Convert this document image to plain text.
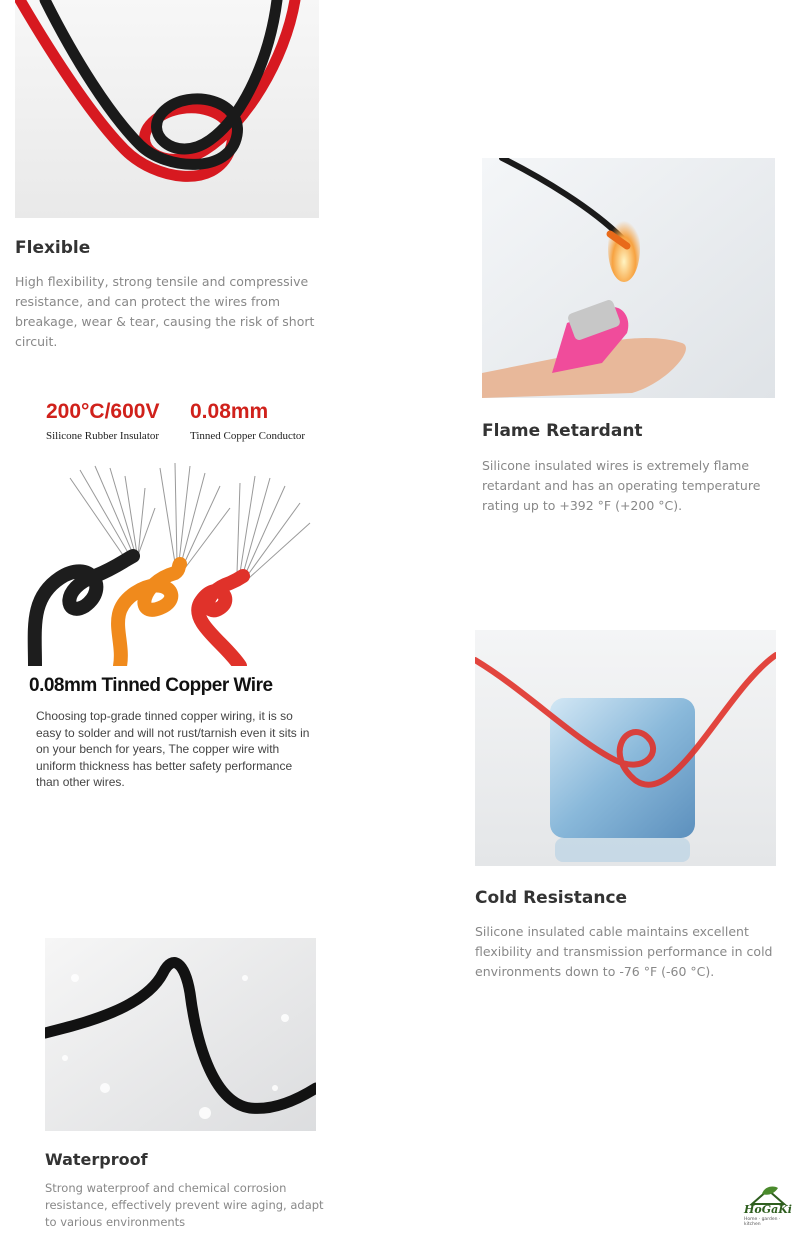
Flexible

High flexibility, strong tensile and compressive resistance, and can protect the wires from breakage, wear & tear, causing the risk of short circuit.

Flame Retardant

Silicone insulated wires is extremely flame retardant and has an operating temperature rating up to +392 °F (+200 °C).

200°C/600V
Silicone Rubber Insulator
0.08mm
Tinned Copper Conductor
0.08mm Tinned Copper Wire

Choosing top-grade tinned copper wiring, it is so easy to solder and will not rust/tarnish even it sits in on your bench for years, The copper wire with uniform thickness has better safety performance than other wires.

Cold Resistance

Silicone insulated cable maintains excellent flexibility and transmission performance in cold environments down to -76 °F (-60 °C).

Waterproof

Strong waterproof and chemical corrosion resistance, effectively prevent wire aging, adapt to various environments

HoGaKi
Home · garden · kitchen
